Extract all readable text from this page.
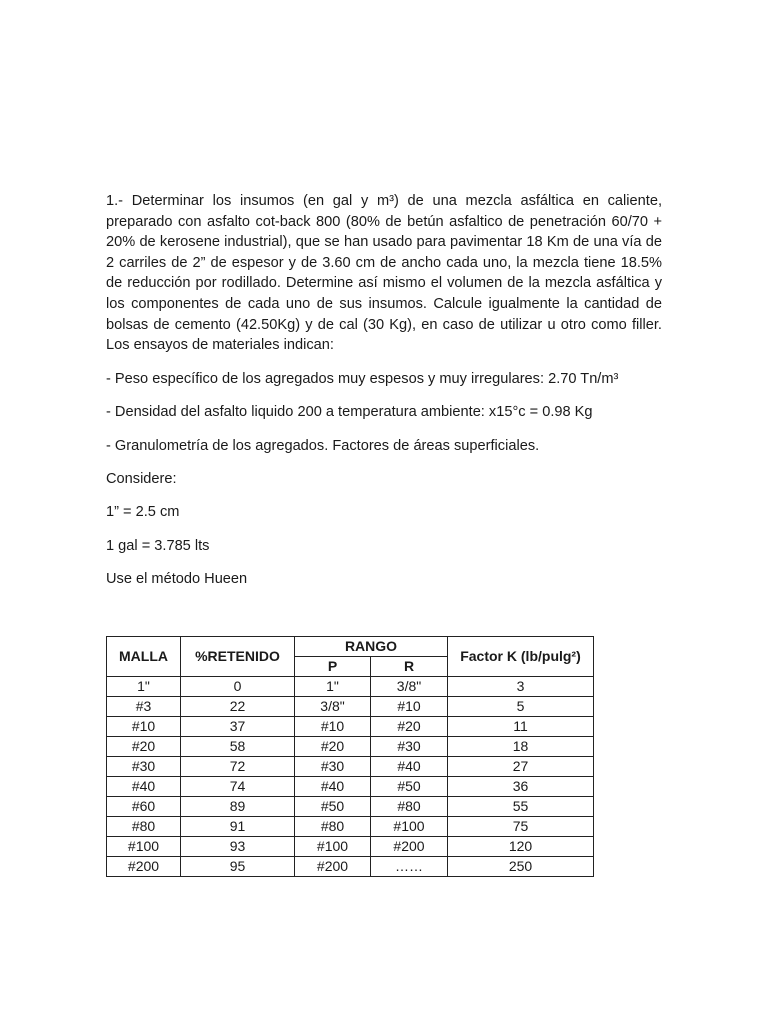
1.- Determinar los insumos (en gal y m³) de una mezcla asfáltica en caliente, preparado con asfalto cot-back 800 (80% de betún asfaltico de penetración 60/70 + 20% de kerosene industrial), que se han usado para pavimentar 18 Km de una vía de 2 carriles de 2” de espesor y de 3.60 cm de ancho cada uno, la mezcla tiene 18.5% de reducción por rodillado. Determine así mismo el volumen de la mezcla asfáltica y los componentes de cada uno de sus insumos. Calcule igualmente la cantidad de bolsas de cemento (42.50Kg) y de cal (30 Kg), en caso de utilizar u otro como filler. Los ensayos de materiales indican:

- Peso específico de los agregados muy espesos y muy irregulares: 2.70 Tn/m³

- Densidad del asfalto liquido 200 a temperatura ambiente: x15°c = 0.98 Kg

- Granulometría de los agregados. Factores de áreas superficiales.

Considere:

1” = 2.5 cm

1 gal = 3.785 lts

Use el método Hueen

MALLA	%RETENIDO	RANGO		Factor K (lb/pulg²)
		P	R	
1"	0	1"	3/8"	3
#3	22	3/8"	#10	5
#10	37	#10	#20	11
#20	58	#20	#30	18
#30	72	#30	#40	27
#40	74	#40	#50	36
#60	89	#50	#80	55
#80	91	#80	#100	75
#100	93	#100	#200	120
#200	95	#200	……	250
